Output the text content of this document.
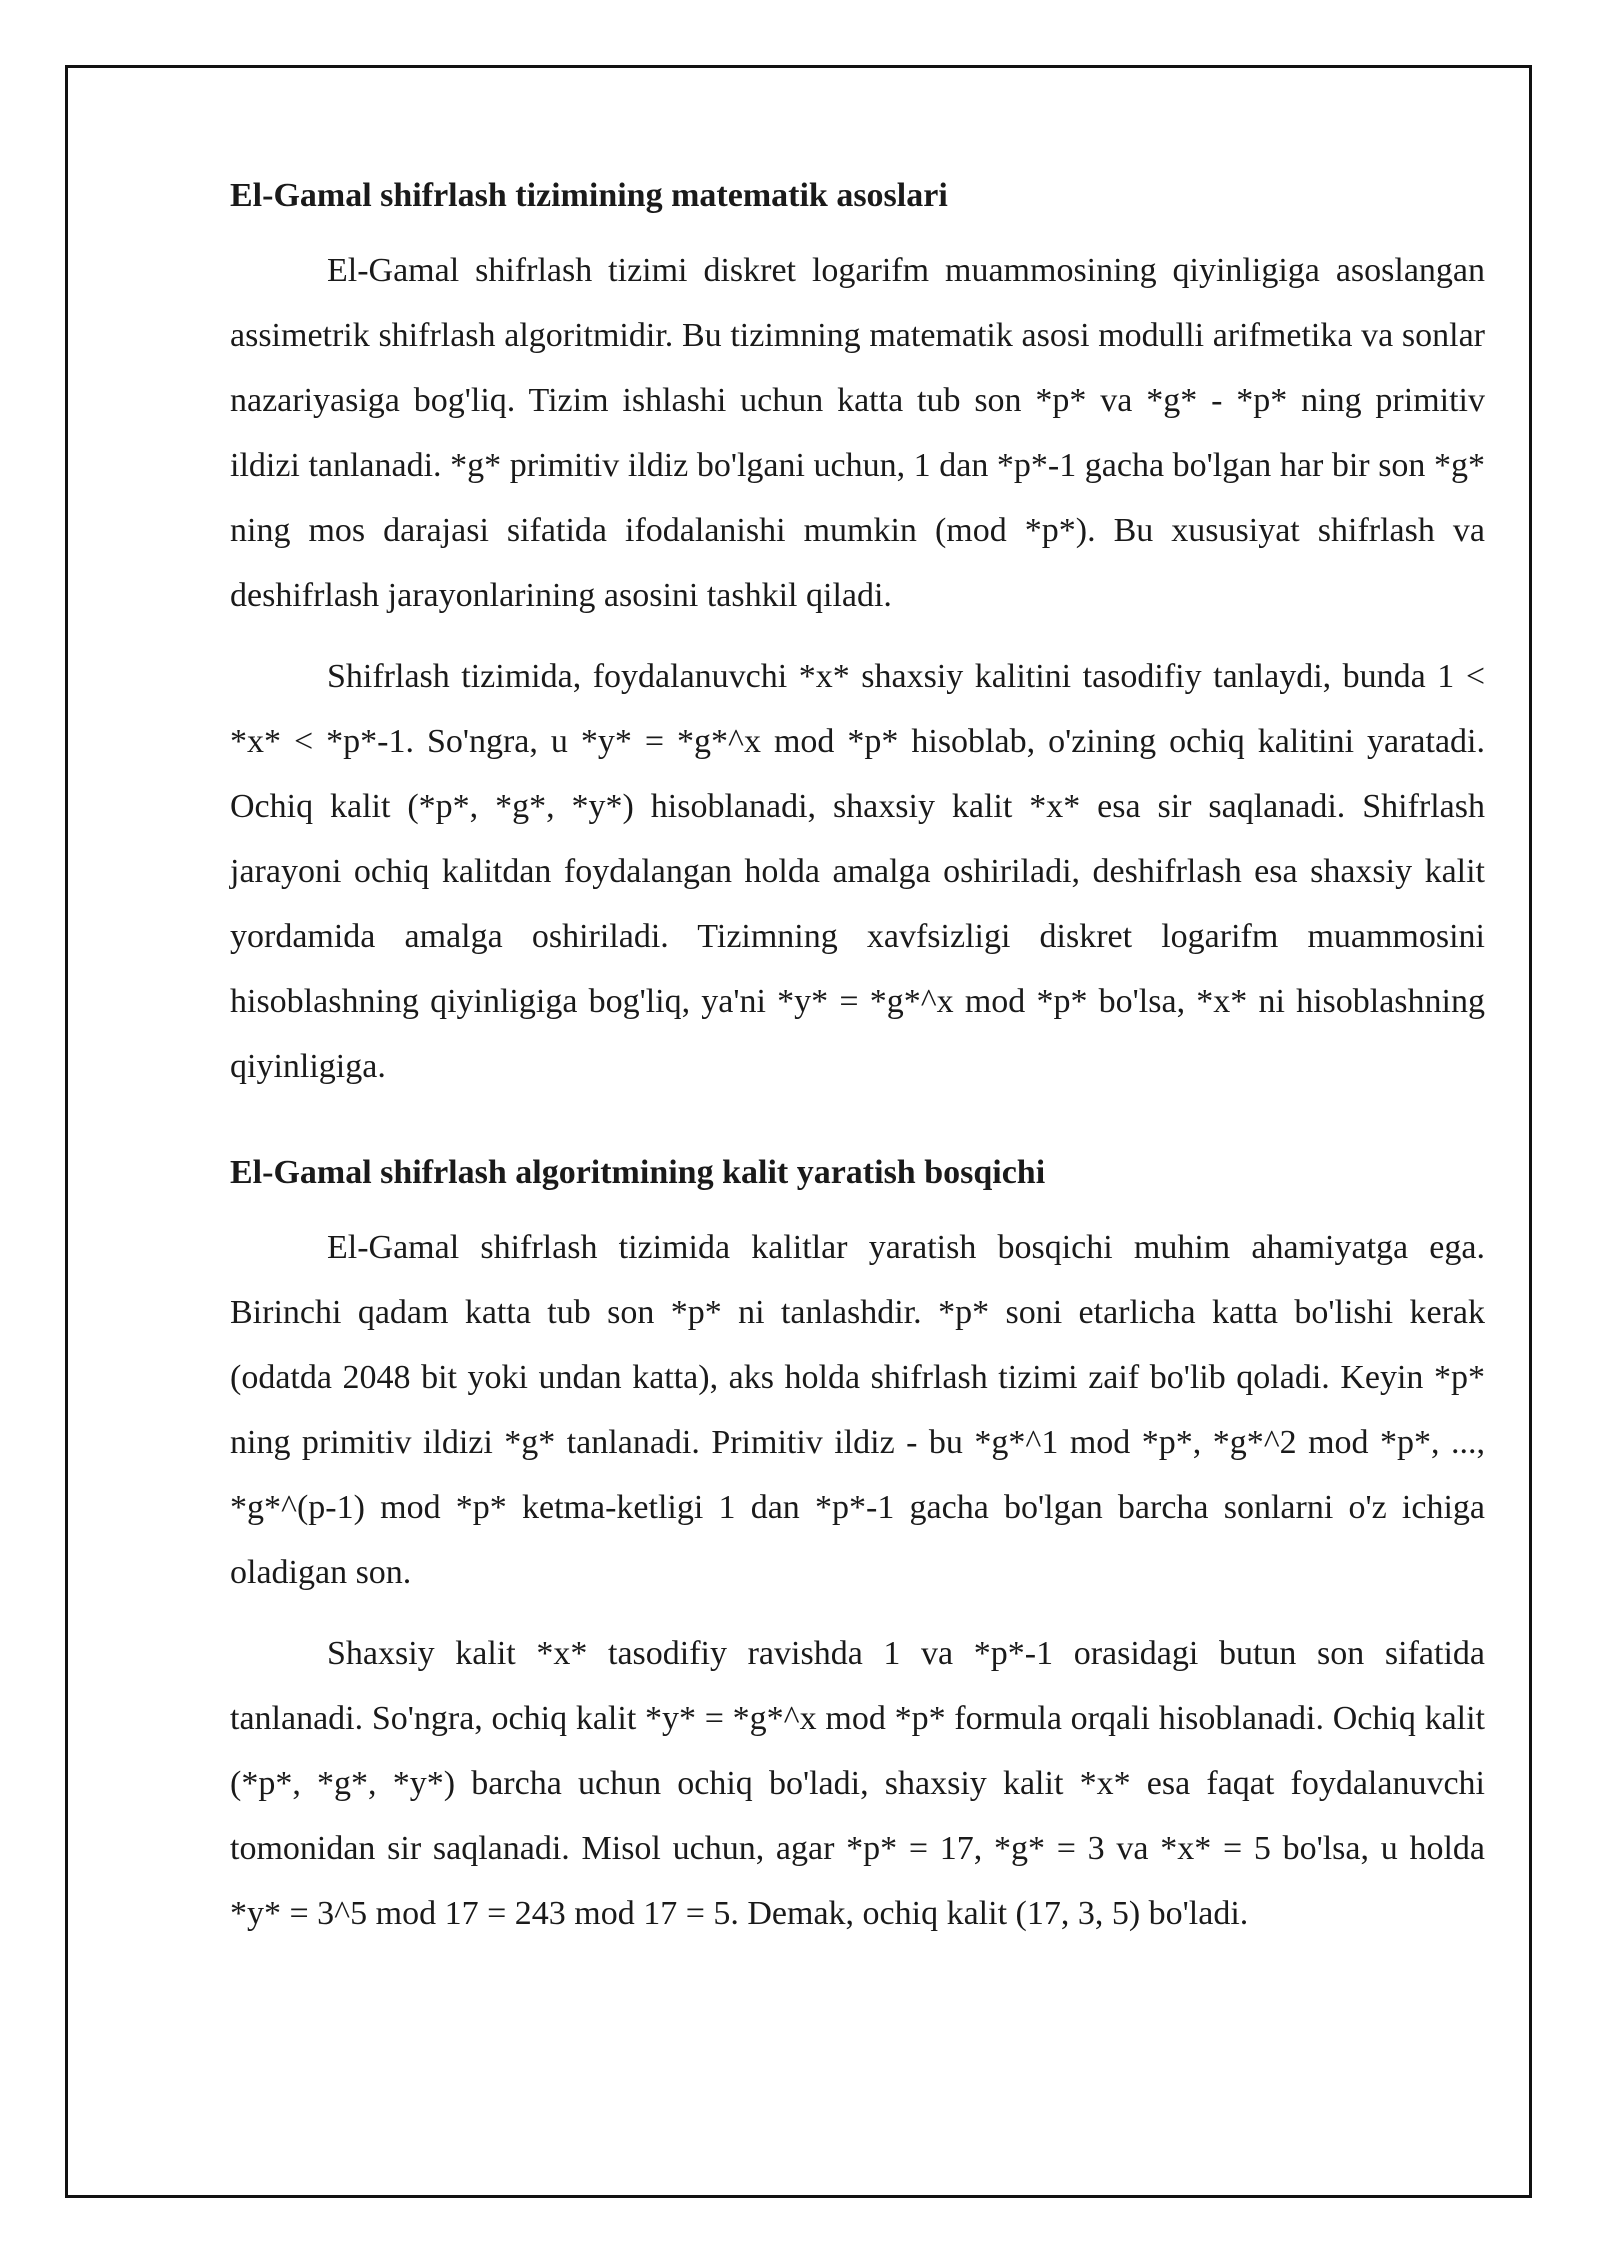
El-Gamal shifrlash tizimining matematik asoslari

El-Gamal shifrlash tizimi diskret logarifm muammosining qiyinligiga asoslangan assimetrik shifrlash algoritmidir. Bu tizimning matematik asosi modulli arifmetika va sonlar nazariyasiga bog'liq. Tizim ishlashi uchun katta tub son *p* va *g* - *p* ning primitiv ildizi tanlanadi. *g* primitiv ildiz bo'lgani uchun, 1 dan *p*-1 gacha bo'lgan har bir son *g* ning mos darajasi sifatida ifodalanishi mumkin (mod *p*). Bu xususiyat shifrlash va deshifrlash jarayonlarining asosini tashkil qiladi.

Shifrlash tizimida, foydalanuvchi *x* shaxsiy kalitini tasodifiy tanlaydi, bunda 1 < *x* < *p*-1. So'ngra, u *y* = *g*^x mod *p* hisoblab, o'zining ochiq kalitini yaratadi. Ochiq kalit (*p*, *g*, *y*) hisoblanadi, shaxsiy kalit *x* esa sir saqlanadi. Shifrlash jarayoni ochiq kalitdan foydalangan holda amalga oshiriladi, deshifrlash esa shaxsiy kalit yordamida amalga oshiriladi. Tizimning xavfsizligi diskret logarifm muammosini hisoblashning qiyinligiga bog'liq, ya'ni *y* = *g*^x mod *p* bo'lsa, *x* ni hisoblashning qiyinligiga.

El-Gamal shifrlash algoritmining kalit yaratish bosqichi

El-Gamal shifrlash tizimida kalitlar yaratish bosqichi muhim ahamiyatga ega. Birinchi qadam katta tub son *p* ni tanlashdir. *p* soni etarlicha katta bo'lishi kerak (odatda 2048 bit yoki undan katta), aks holda shifrlash tizimi zaif bo'lib qoladi. Keyin *p* ning primitiv ildizi *g* tanlanadi. Primitiv ildiz - bu *g*^1 mod *p*, *g*^2 mod *p*, ..., *g*^(p-1) mod *p* ketma-ketligi 1 dan *p*-1 gacha bo'lgan barcha sonlarni o'z ichiga oladigan son.

Shaxsiy kalit *x* tasodifiy ravishda 1 va *p*-1 orasidagi butun son sifatida tanlanadi. So'ngra, ochiq kalit *y* = *g*^x mod *p* formula orqali hisoblanadi. Ochiq kalit (*p*, *g*, *y*) barcha uchun ochiq bo'ladi, shaxsiy kalit *x* esa faqat foydalanuvchi tomonidan sir saqlanadi. Misol uchun, agar *p* = 17, *g* = 3 va *x* = 5 bo'lsa, u holda *y* = 3^5 mod 17 = 243 mod 17 = 5. Demak, ochiq kalit (17, 3, 5) bo'ladi.
